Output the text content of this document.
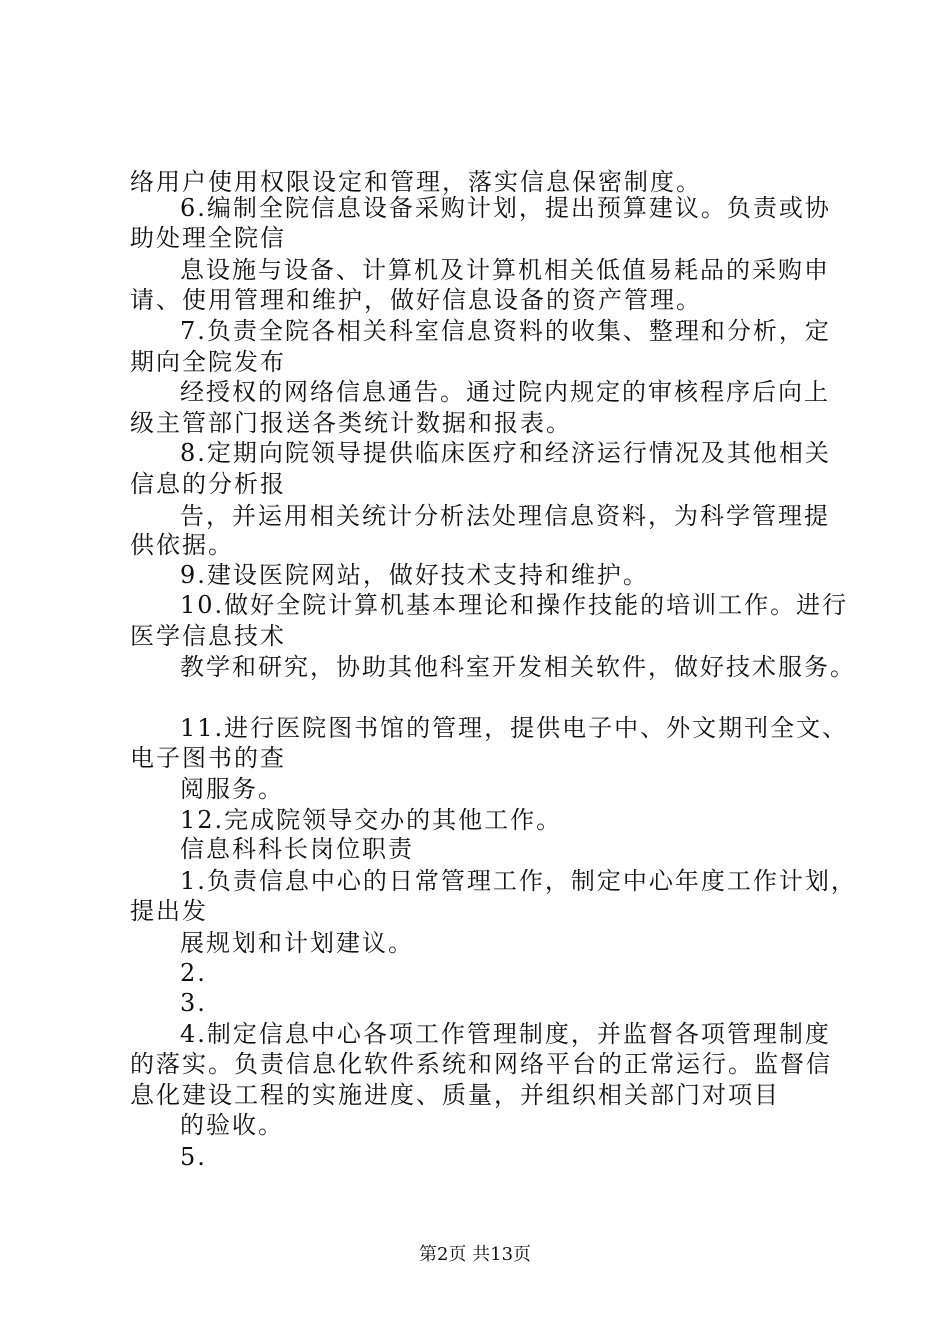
络用户使用权限设定和管理，落实信息保密制度。
6.编制全院信息设备采购计划，提出预算建议。负责或协
助处理全院信
息设施与设备、计算机及计算机相关低值易耗品的采购申
请、使用管理和维护，做好信息设备的资产管理。
7.负责全院各相关科室信息资料的收集、整理和分析，定
期向全院发布
经授权的网络信息通告。通过院内规定的审核程序后向上
级主管部门报送各类统计数据和报表。
8.定期向院领导提供临床医疗和经济运行情况及其他相关
信息的分析报
告，并运用相关统计分析法处理信息资料，为科学管理提
供依据。
9.建设医院网站，做好技术支持和维护。
10.做好全院计算机基本理论和操作技能的培训工作。进行
医学信息技术
教学和研究，协助其他科室开发相关软件，做好技术服务。
11.进行医院图书馆的管理，提供电子中、外文期刊全文、
电子图书的查
阅服务。
12.完成院领导交办的其他工作。
信息科科长岗位职责
1.负责信息中心的日常管理工作，制定中心年度工作计划，
提出发
展规划和计划建议。
2.
3.
4.制定信息中心各项工作管理制度，并监督各项管理制度
的落实。负责信息化软件系统和网络平台的正常运行。监督信
息化建设工程的实施进度、质量，并组织相关部门对项目
的验收。
5.
第2页 共13页
